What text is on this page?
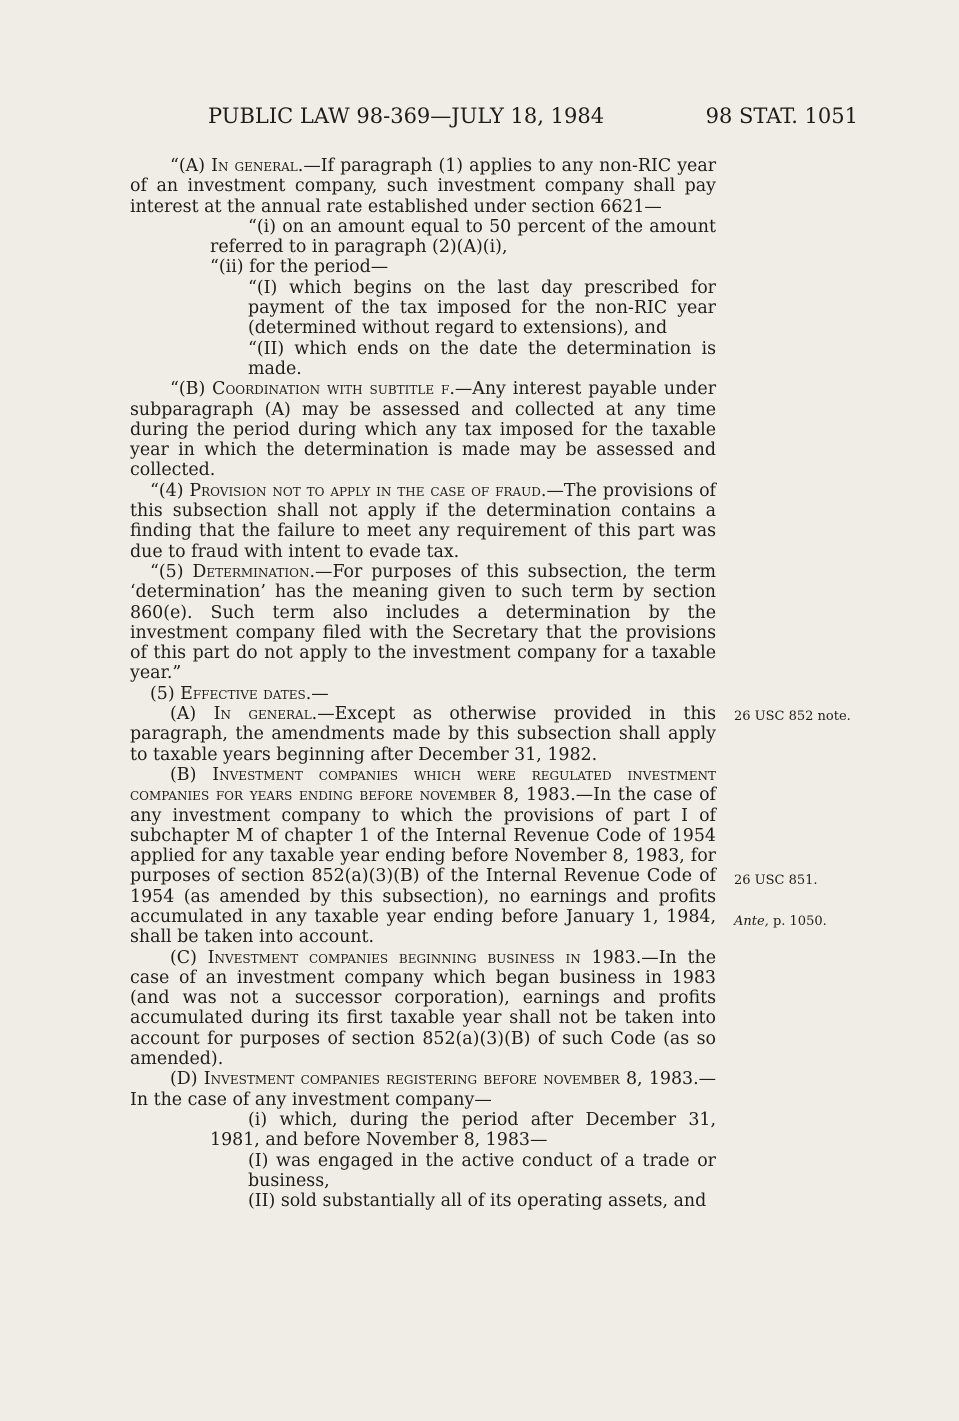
PUBLIC LAW 98-369—JULY 18, 1984	98 STAT. 1051

“(A) In general.—If paragraph (1) applies to any non-RIC year of an investment company, such investment company shall pay interest at the annual rate established under section 6621—

“(i) on an amount equal to 50 percent of the amount referred to in paragraph (2)(A)(i),

“(ii) for the period—

“(I) which begins on the last day prescribed for payment of the tax imposed for the non-RIC year (determined without regard to extensions), and

“(II) which ends on the date the determination is made.

“(B) Coordination with subtitle f.—Any interest payable under subparagraph (A) may be assessed and collected at any time during the period during which any tax imposed for the taxable year in which the determination is made may be assessed and collected.

“(4) Provision not to apply in the case of fraud.—The provisions of this subsection shall not apply if the determination contains a finding that the failure to meet any requirement of this part was due to fraud with intent to evade tax.

“(5) Determination.—For purposes of this subsection, the term ‘determination’ has the meaning given to such term by section 860(e). Such term also includes a determination by the investment company filed with the Secretary that the provisions of this part do not apply to the investment company for a taxable year.”

(5) Effective dates.—

(A) In general.—Except as otherwise provided in this paragraph, the amendments made by this subsection shall apply to taxable years beginning after December 31, 1982.

(B) Investment companies which were regulated investment companies for years ending before november 8, 1983.—In the case of any investment company to which the provisions of part I of subchapter M of chapter 1 of the Internal Revenue Code of 1954 applied for any taxable year ending before November 8, 1983, for purposes of section 852(a)(3)(B) of the Internal Revenue Code of 1954 (as amended by this subsection), no earnings and profits accumulated in any taxable year ending before January 1, 1984, shall be taken into account.

(C) Investment companies beginning business in 1983.—In the case of an investment company which began business in 1983 (and was not a successor corporation), earnings and profits accumulated during its first taxable year shall not be taken into account for purposes of section 852(a)(3)(B) of such Code (as so amended).

(D) Investment companies registering before november 8, 1983.—In the case of any investment company—

(i) which, during the period after December 31, 1981, and before November 8, 1983—

(I) was engaged in the active conduct of a trade or business,

(II) sold substantially all of its operating assets, and

26 USC 852 note.
26 USC 851.
Ante, p. 1050.
